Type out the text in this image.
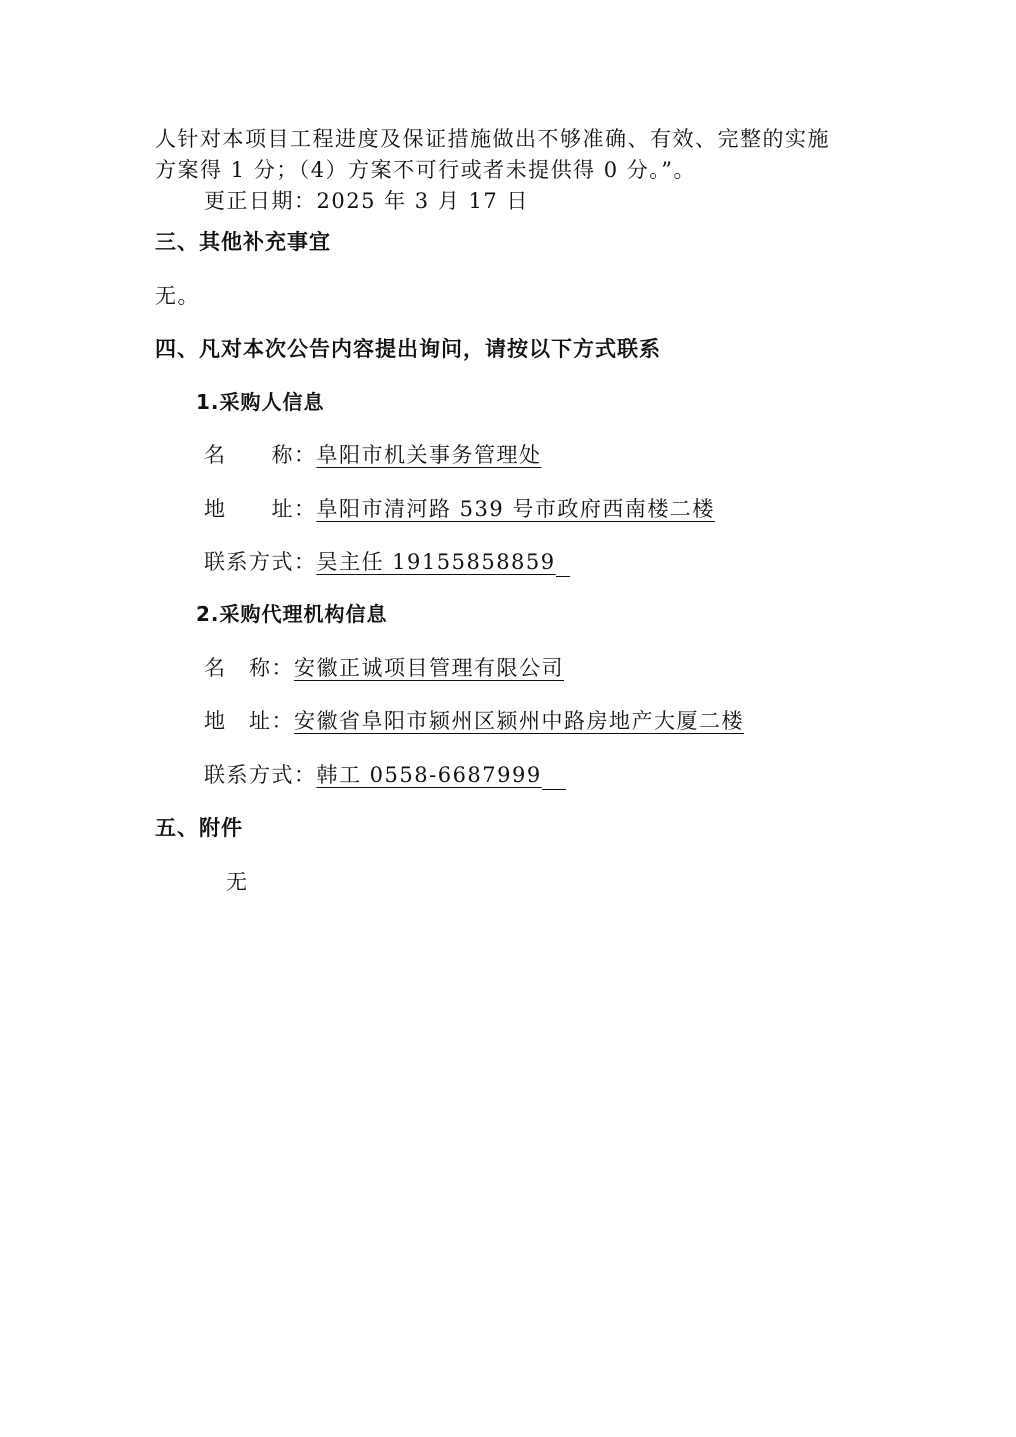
人针对本项目工程进度及保证措施做出不够准确、有效、完整的实施
方案得 1 分；（4）方案不可行或者未提供得 0 分。”。
更正日期：2025 年 3 月 17 日
三、其他补充事宜
无。
四、凡对本次公告内容提出询问，请按以下方式联系
1.采购人信息
名　　称：阜阳市机关事务管理处
地　　址：阜阳市清河路 539 号市政府西南楼二楼
联系方式：吴主任 19155858859
2.采购代理机构信息
名　称：安徽正诚项目管理有限公司
地　址：安徽省阜阳市颍州区颍州中路房地产大厦二楼
联系方式：韩工 0558-6687999
五、附件
无
